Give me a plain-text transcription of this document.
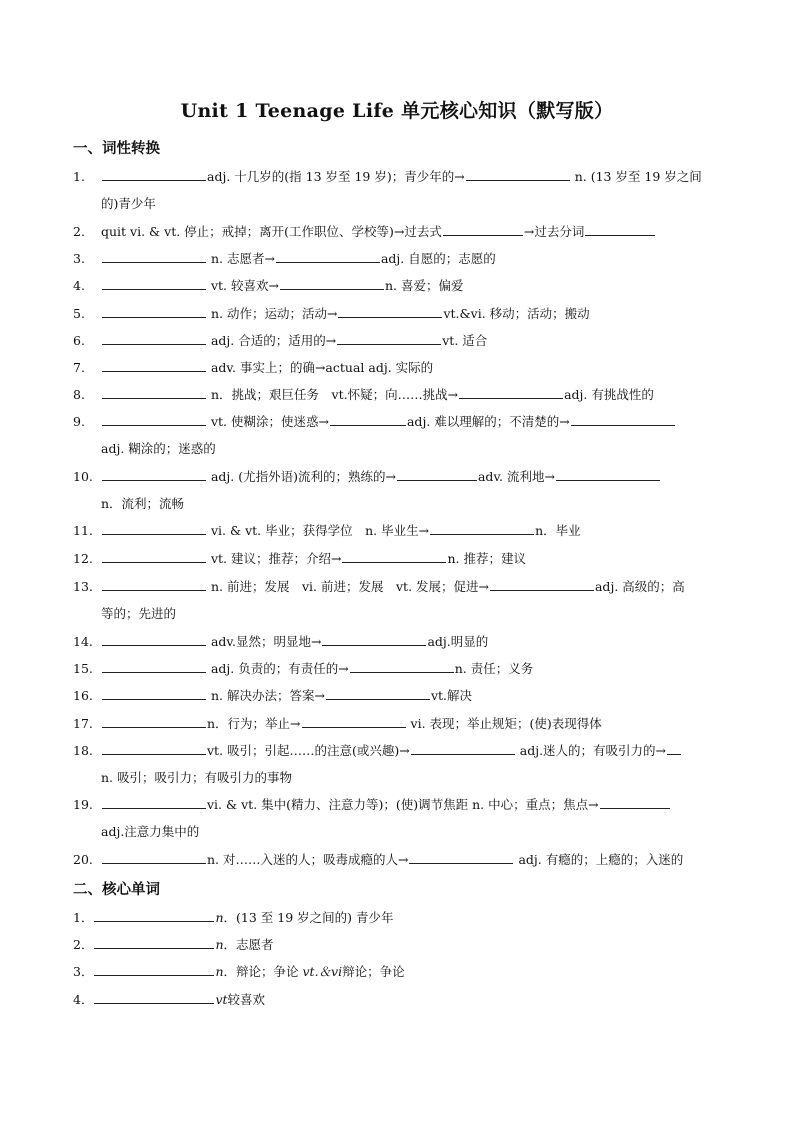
Unit 1 Teenage Life 单元核心知识（默写版）
一、词性转换
1.	adj. 十几岁的(指 13 岁至 19 岁)；青少年的→	n. (13 岁至 19 岁之间
的)青少年
2. quit vi. & vt. 停止；戒掉；离开(工作职位、学校等)→过去式	→过去分词
3.	n. 志愿者→	adj. 自愿的；志愿的
4.	vt. 较喜欢→	n. 喜爱；偏爱
5.	n. 动作；运动；活动→	vt.&vi. 移动；活动；搬动
6.	adj. 合适的；适用的→	vt. 适合
7.	adv. 事实上；的确→actual adj. 实际的
8.	n．挑战；艰巨任务　vt.怀疑；向……挑战→	adj. 有挑战性的
9.	vt. 使糊涂；使迷惑→	adj. 难以理解的；不清楚的→
adj. 糊涂的；迷惑的
10.	adj. (尤指外语)流利的；熟练的→	adv. 流利地→
n．流利；流畅
11.	vi. & vt. 毕业；获得学位　n. 毕业生→	n．毕业
12.	vt. 建议；推荐；介绍→	n. 推荐；建议
13.	n. 前进；发展　vi. 前进；发展　vt. 发展；促进→	adj. 高级的；高
等的；先进的
14.	adv.显然；明显地→	adj.明显的
15.	adj. 负责的；有责任的→	n. 责任；义务
16.	n. 解决办法；答案→	vt.解决
17.	n．行为；举止→	vi. 表现；举止规矩；(使)表现得体
18.	vt. 吸引；引起……的注意(或兴趣)→	adj.迷人的；有吸引力的→
n. 吸引；吸引力；有吸引力的事物
19.	vi. & vt. 集中(精力、注意力等)；(使)调节焦距 n. 中心；重点；焦点→
adj.注意力集中的
20.	n. 对……入迷的人；吸毒成瘾的人→	adj. 有瘾的；上瘾的；入迷的
二、核心单词
1．	n．(13 至 19 岁之间的) 青少年
2．	n．志愿者
3．	n．辩论；争论 vt.＆vi辩论；争论
4．	vt较喜欢
